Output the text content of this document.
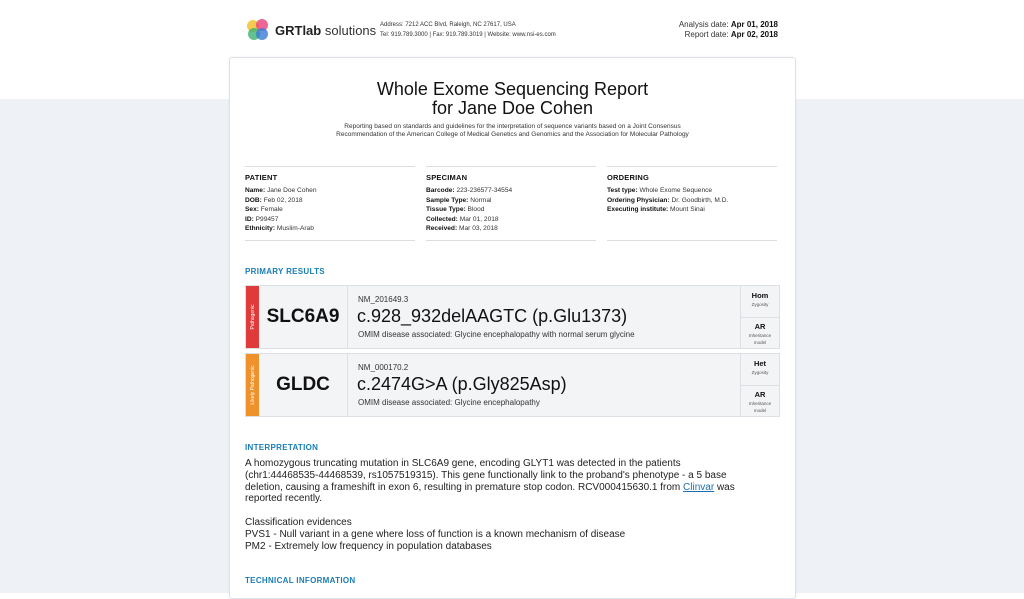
GRTlab solutions Address: 7212 ACC Blvd, Raleigh, NC 27617, USA
Tel: 919.789.3000 | Fax: 919.789.3019 | Website: www.nsi-es.com
Analysis date: Apr 01, 2018
Report date: Apr 02, 2018
Whole Exome Sequencing Report
for Jane Doe Cohen
Reporting based on standards and guidelines for the interpretation of sequence variants based on a Joint Consensus
Recommendation of the American College of Medical Genetics and Genomics and the Association for Molecular Pathology
PATIENT
Name: Jane Doe Cohen
DOB: Feb 02, 2018
Sex: Female
ID: P99457
Ethnicity: Muslim-Arab
SPECIMAN
Barcode: 223-236577-34554
Sample Type: Normal
Tissue Type: Blood
Collected: Mar 01, 2018
Received: Mar 03, 2018
ORDERING
Test type: Whole Exome Sequence
Ordering Physician: Dr. Goodbirth, M.D.
Executing institute: Mount Sinai
PRIMARY RESULTS
Pathogenic SLC6A9
NM_201649.3
c.928_932delAAGTC (p.Glu1373)
OMIM disease associated: Glycine encephalopathy with normal serum glycine
Hom
Zygosity
AR
Inheritance
model
Likely Pathogenic	GLDC
NM_000170.2
c.2474G>A (p.Gly825Asp)
OMIM disease associated: Glycine encephalopathy
Het
Zygosity
AR
Inheritance
model
INTERPRETATION
A homozygous truncating mutation in SLC6A9 gene, encoding GLYT1 was detected in the patients (chr1:44468535-44468539, rs1057519315). This gene functionally link to the proband's phenotype - a 5 base deletion, causing a frameshift in exon 6, resulting in premature stop codon. RCV000415630.1 from Clinvar was reported recently.
Classification evidences
PVS1 - Null variant in a gene where loss of function is a known mechanism of disease
PM2 - Extremely low frequency in population databases
TECHNICAL INFORMATION
